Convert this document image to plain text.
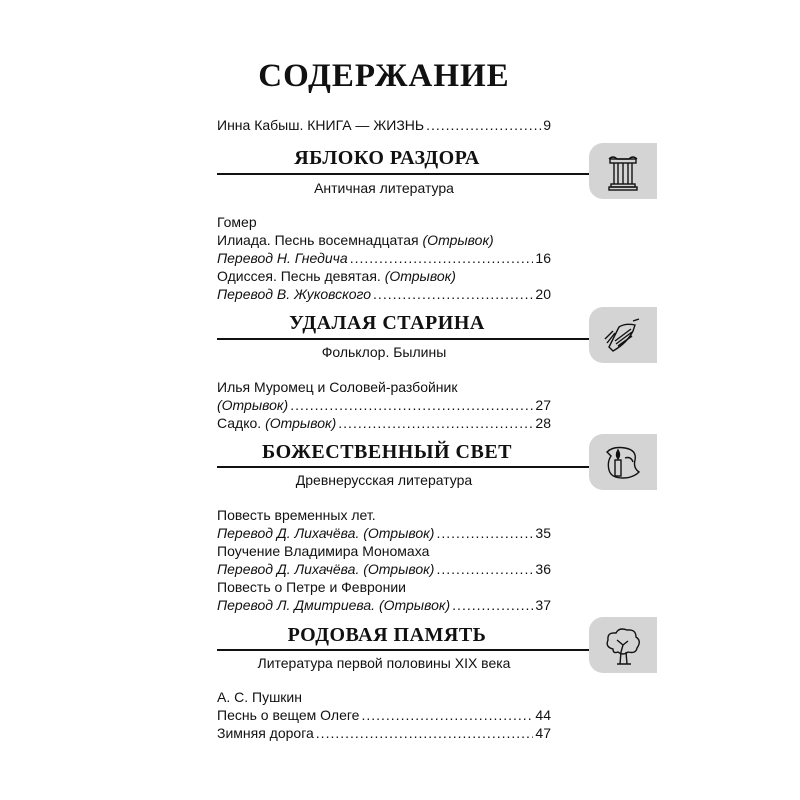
СОДЕРЖАНИЕ
Инна Кабыш. КНИГА — ЖИЗНЬ .....	9
ЯБЛОКО РАЗДОРА
Античная литература
Гомер
Илиада. Песнь восемнадцатая (Отрывок)
Перевод Н. Гнедича .....	16
Одиссея. Песнь девятая. (Отрывок)
Перевод В. Жуковского .....	20
УДАЛАЯ СТАРИНА
Фольклор. Былины
Илья Муромец и Соловей-разбойник
(Отрывок) .....	27
Садко. (Отрывок) .....	28
БОЖЕСТВЕННЫЙ СВЕТ
Древнерусская литература
Повесть временных лет.
Перевод Д. Лихачёва. (Отрывок) .....	35
Поучение Владимира Мономаха
Перевод Д. Лихачёва. (Отрывок) .....	36
Повесть о Петре и Февронии
Перевод Л. Дмитриева. (Отрывок) .....	37
РОДОВАЯ ПАМЯТЬ
Литература первой половины XIX века
А. С. Пушкин
Песнь о вещем Олеге .....	44
Зимняя дорога .....	47
